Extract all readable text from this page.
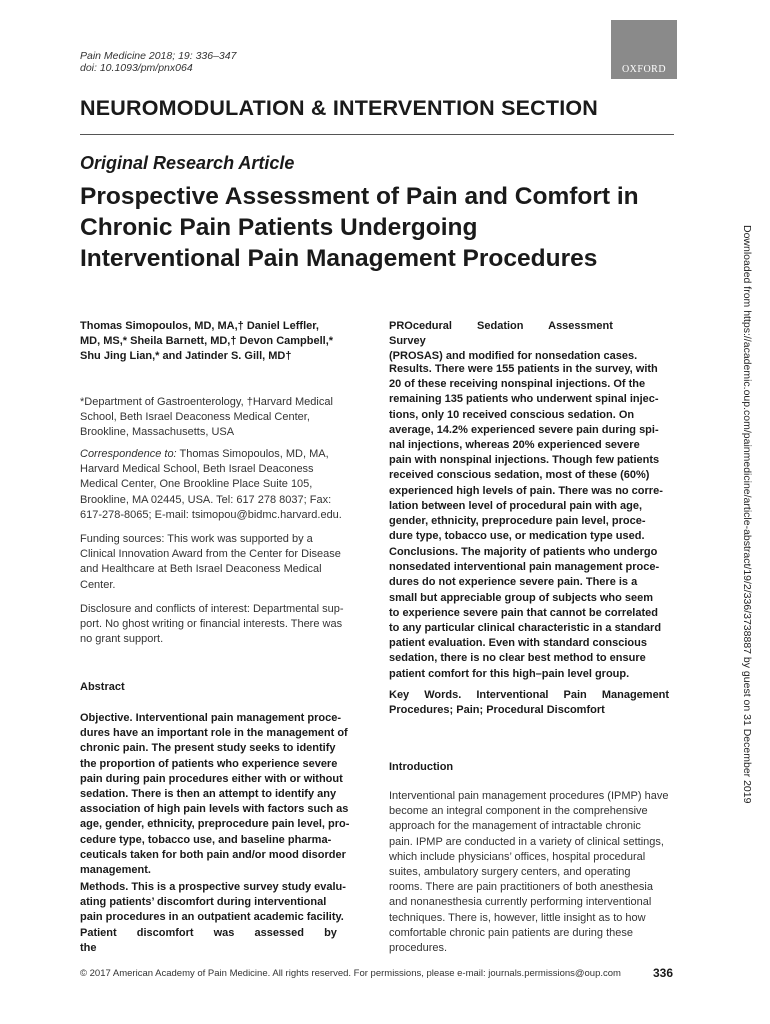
Pain Medicine 2018; 19: 336–347
doi: 10.1093/pm/pnx064	OXFORD
NEUROMODULATION & INTERVENTION SECTION
Original Research Article
Prospective Assessment of Pain and Comfort in
Chronic Pain Patients Undergoing
Interventional Pain Management Procedures	Downloaded from https://academic.oup.com/painmedicine/article-abstract/19/2/336/3738887 by guest on 31 December 2019
Thomas Simopoulos, MD, MA,† Daniel Leffler,
MD, MS,* Sheila Barnett, MD,† Devon Campbell,*
Shu Jing Lian,* and Jatinder S. Gill, MD†
*Department of Gastroenterology, †Harvard Medical
School, Beth Israel Deaconess Medical Center,
Brookline, Massachusetts, USA
Correspondence to: Thomas Simopoulos, MD, MA,
Harvard Medical School, Beth Israel Deaconess
Medical Center, One Brookline Place Suite 105,
Brookline, MA 02445, USA. Tel: 617 278 8037; Fax:
617-278-8065; E-mail: tsimopou@bidmc.harvard.edu.
Funding sources: This work was supported by a
Clinical Innovation Award from the Center for Disease
and Healthcare at Beth Israel Deaconess Medical
Center.
Disclosure and conflicts of interest: Departmental sup-
port. No ghost writing or financial interests. There was
no grant support.
Abstract
Objective. Interventional pain management proce-
dures have an important role in the management of
chronic pain. The present study seeks to identify
the proportion of patients who experience severe
pain during pain procedures either with or without
sedation. There is then an attempt to identify any
association of high pain levels with factors such as
age, gender, ethnicity, preprocedure pain level, pro-
cedure type, tobacco use, and baseline pharma-
ceuticals taken for both pain and/or mood disorder
management.
Methods. This is a prospective survey study evalu-
ating patients’ discomfort during interventional
pain procedures in an outpatient academic facility.
Patient discomfort was assessed by the
PROcedural Sedation Assessment Survey
(PROSAS) and modified for nonsedation cases.
Results. There were 155 patients in the survey, with
20 of these receiving nonspinal injections. Of the
remaining 135 patients who underwent spinal injec-
tions, only 10 received conscious sedation. On
average, 14.2% experienced severe pain during spi-
nal injections, whereas 20% experienced severe
pain with nonspinal injections. Though few patients
received conscious sedation, most of these (60%)
experienced high levels of pain. There was no corre-
lation between level of procedural pain with age,
gender, ethnicity, preprocedure pain level, proce-
dure type, tobacco use, or medication type used.
Conclusions. The majority of patients who undergo
nonsedated interventional pain management proce-
dures do not experience severe pain. There is a
small but appreciable group of subjects who seem
to experience severe pain that cannot be correlated
to any particular clinical characteristic in a standard
patient evaluation. Even with standard conscious
sedation, there is no clear best method to ensure
patient comfort for this high–pain level group.
Key Words. Interventional Pain Management
Procedures; Pain; Procedural Discomfort
Introduction
Interventional pain management procedures (IPMP) have
become an integral component in the comprehensive
approach for the management of intractable chronic
pain. IPMP are conducted in a variety of clinical settings,
which include physicians’ offices, hospital procedural
suites, ambulatory surgery centers, and operating
rooms. There are pain practitioners of both anesthesia
and nonanesthesia currently performing interventional
techniques. There is, however, little insight as to how
comfortable chronic pain patients are during these
procedures.
© 2017 American Academy of Pain Medicine. All rights reserved. For permissions, please e-mail: journals.permissions@oup.com	336
